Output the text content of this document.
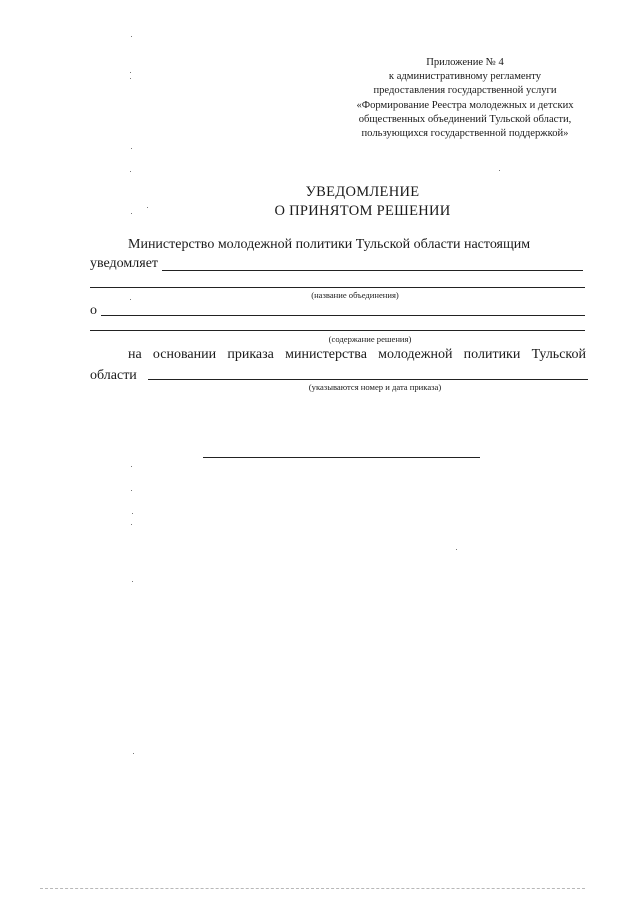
Приложение № 4
к административному регламенту
предоставления государственной услуги
«Формирование Реестра молодежных и детских
общественных объединений Тульской области,
пользующихся государственной поддержкой»
УВЕДОМЛЕНИЕ
О ПРИНЯТОМ РЕШЕНИИ
Министерство молодежной политики Тульской области настоящим
уведомляет
(название объединения)
о
(содержание решения)
на основании приказа министерства молодежной политики Тульской
области
(указываются номер и дата приказа)
